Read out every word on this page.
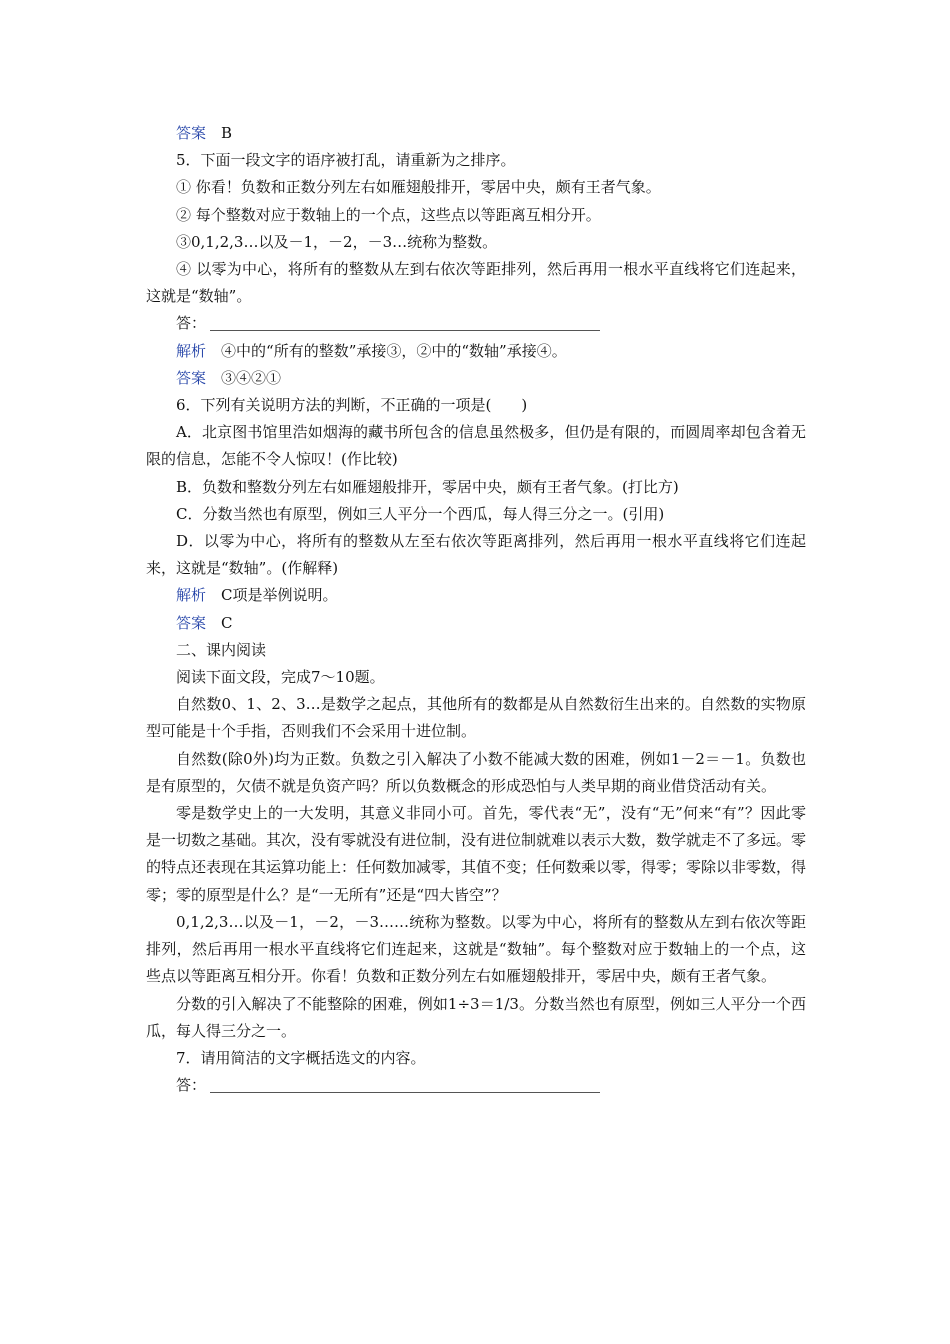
答案　 B

5．下面一段文字的语序被打乱，请重新为之排序。

① 你看！负数和正数分列左右如雁翅般排开，零居中央，颇有王者气象。

② 每个整数对应于数轴上的一个点，这些点以等距离互相分开。

③0,1,2,3…以及－1，－2，－3…统称为整数。

④ 以零为中心，将所有的整数从左到右依次等距排列，然后再用一根水平直线将它们连起来，这就是“数轴”。

答：

解析　 ④中的“所有的整数”承接③，②中的“数轴”承接④。

答案　 ③④②①

6．下列有关说明方法的判断，不正确的一项是(　　)

A．北京图书馆里浩如烟海的藏书所包含的信息虽然极多，但仍是有限的，而圆周率却包含着无限的信息，怎能不令人惊叹！(作比较)

B．负数和整数分列左右如雁翅般排开，零居中央，颇有王者气象。(打比方)

C．分数当然也有原型，例如三人平分一个西瓜，每人得三分之一。(引用)

D．以零为中心，将所有的整数从左至右依次等距离排列，然后再用一根水平直线将它们连起来，这就是“数轴”。(作解释)

解析　 C项是举例说明。

答案　 C

二、课内阅读

阅读下面文段，完成7～10题。

自然数0、1、2、3…是数学之起点，其他所有的数都是从自然数衍生出来的。自然数的实物原型可能是十个手指，否则我们不会采用十进位制。

自然数(除0外)均为正数。负数之引入解决了小数不能减大数的困难，例如1－2＝－1。负数也是有原型的，欠债不就是负资产吗？所以负数概念的形成恐怕与人类早期的商业借贷活动有关。

零是数学史上的一大发明，其意义非同小可。首先，零代表“无”，没有“无”何来“有”？因此零是一切数之基础。其次，没有零就没有进位制，没有进位制就难以表示大数，数学就走不了多远。零的特点还表现在其运算功能上：任何数加减零，其值不变；任何数乘以零，得零；零除以非零数，得零；零的原型是什么？是“一无所有”还是“四大皆空”？

0,1,2,3…以及－1，－2，－3……统称为整数。以零为中心，将所有的整数从左到右依次等距排列，然后再用一根水平直线将它们连起来，这就是“数轴”。每个整数对应于数轴上的一个点，这些点以等距离互相分开。你看！负数和正数分列左右如雁翅般排开，零居中央，颇有王者气象。

分数的引入解决了不能整除的困难，例如1÷3＝1/3。分数当然也有原型，例如三人平分一个西瓜，每人得三分之一。

7．请用简洁的文字概括选文的内容。

答：
